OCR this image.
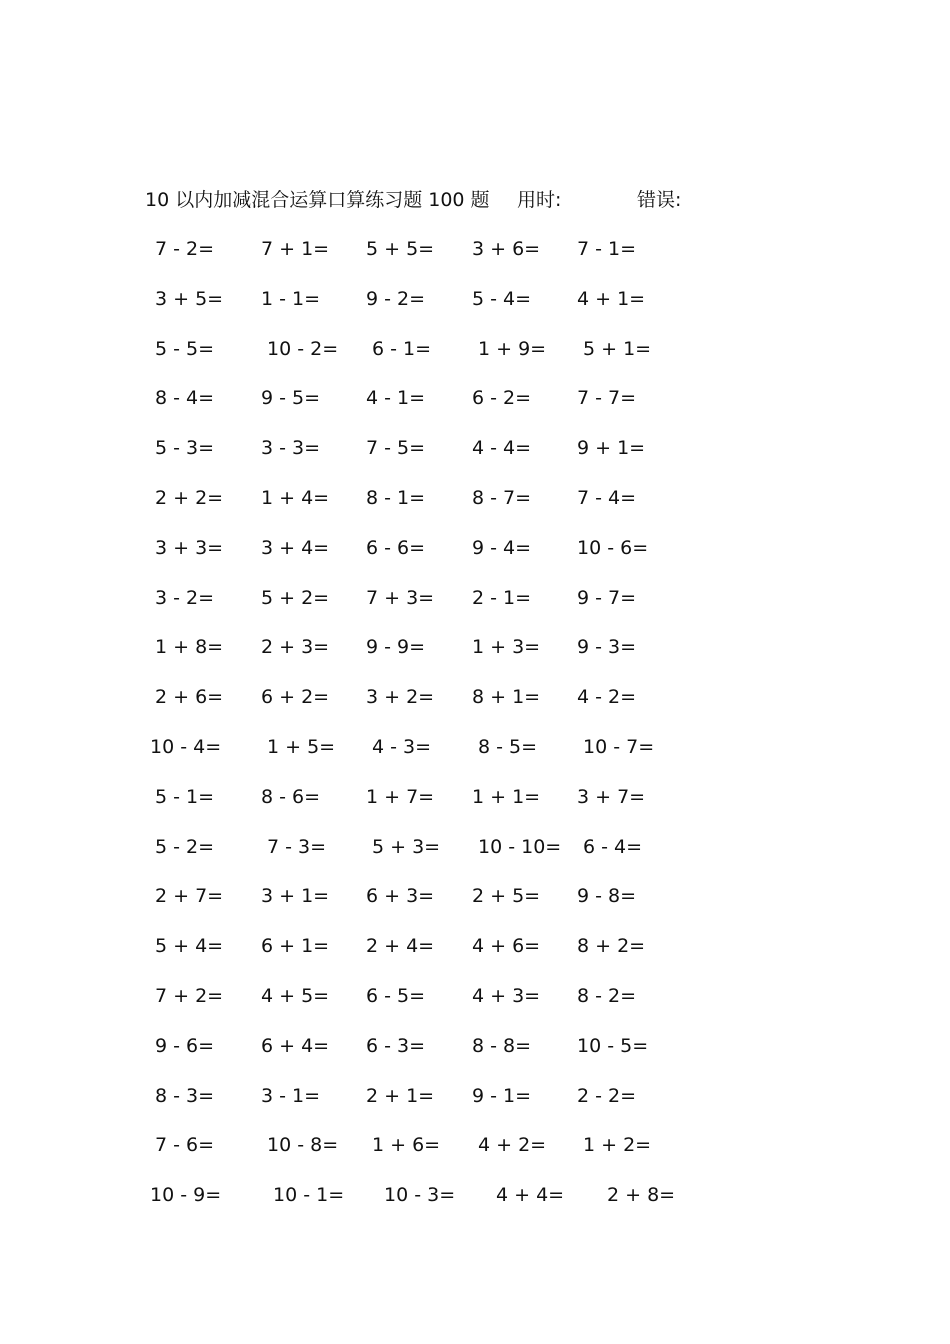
10 以内加减混合运算口算练习题 100 题 用时:	错误:
7 - 2= 7 + 1= 5 + 5= 3 + 6= 7 - 1=
3 + 5= 1 - 1= 9 - 2= 5 - 4= 4 + 1=
5 - 5=	10 - 2= 6 - 1= 1 + 9= 5 + 1=
8 - 4= 9 - 5= 4 - 1= 6 - 2= 7 - 7=
5 - 3= 3 - 3= 7 - 5= 4 - 4= 9 + 1=
2 + 2= 1 + 4= 8 - 1= 8 - 7= 7 - 4=
3 + 3= 3 + 4= 6 - 6= 9 - 4= 10 - 6=
3 - 2= 5 + 2= 7 + 3= 2 - 1= 9 - 7=
1 + 8= 2 + 3= 9 - 9= 1 + 3= 9 - 3=
2 + 6= 6 + 2= 3 + 2= 8 + 1= 4 - 2=
10 - 4= 1 + 5= 4 - 3= 8 - 5= 10 - 7=
5 - 1= 8 - 6= 1 + 7= 1 + 1= 3 + 7=
5 - 2=	7 - 3= 5 + 3= 10 - 10= 6 - 4=
2 + 7= 3 + 1= 6 + 3= 2 + 5= 9 - 8=
5 + 4= 6 + 1= 2 + 4= 4 + 6= 8 + 2=
7 + 2= 4 + 5= 6 - 5= 4 + 3= 8 - 2=
9 - 6= 6 + 4= 6 - 3= 8 - 8= 10 - 5=
8 - 3= 3 - 1= 2 + 1= 9 - 1= 2 - 2=
7 - 6=	10 - 8= 1 + 6= 4 + 2= 1 + 2=
10 - 9=	10 - 1= 10 - 3= 4 + 4= 2 + 8=
